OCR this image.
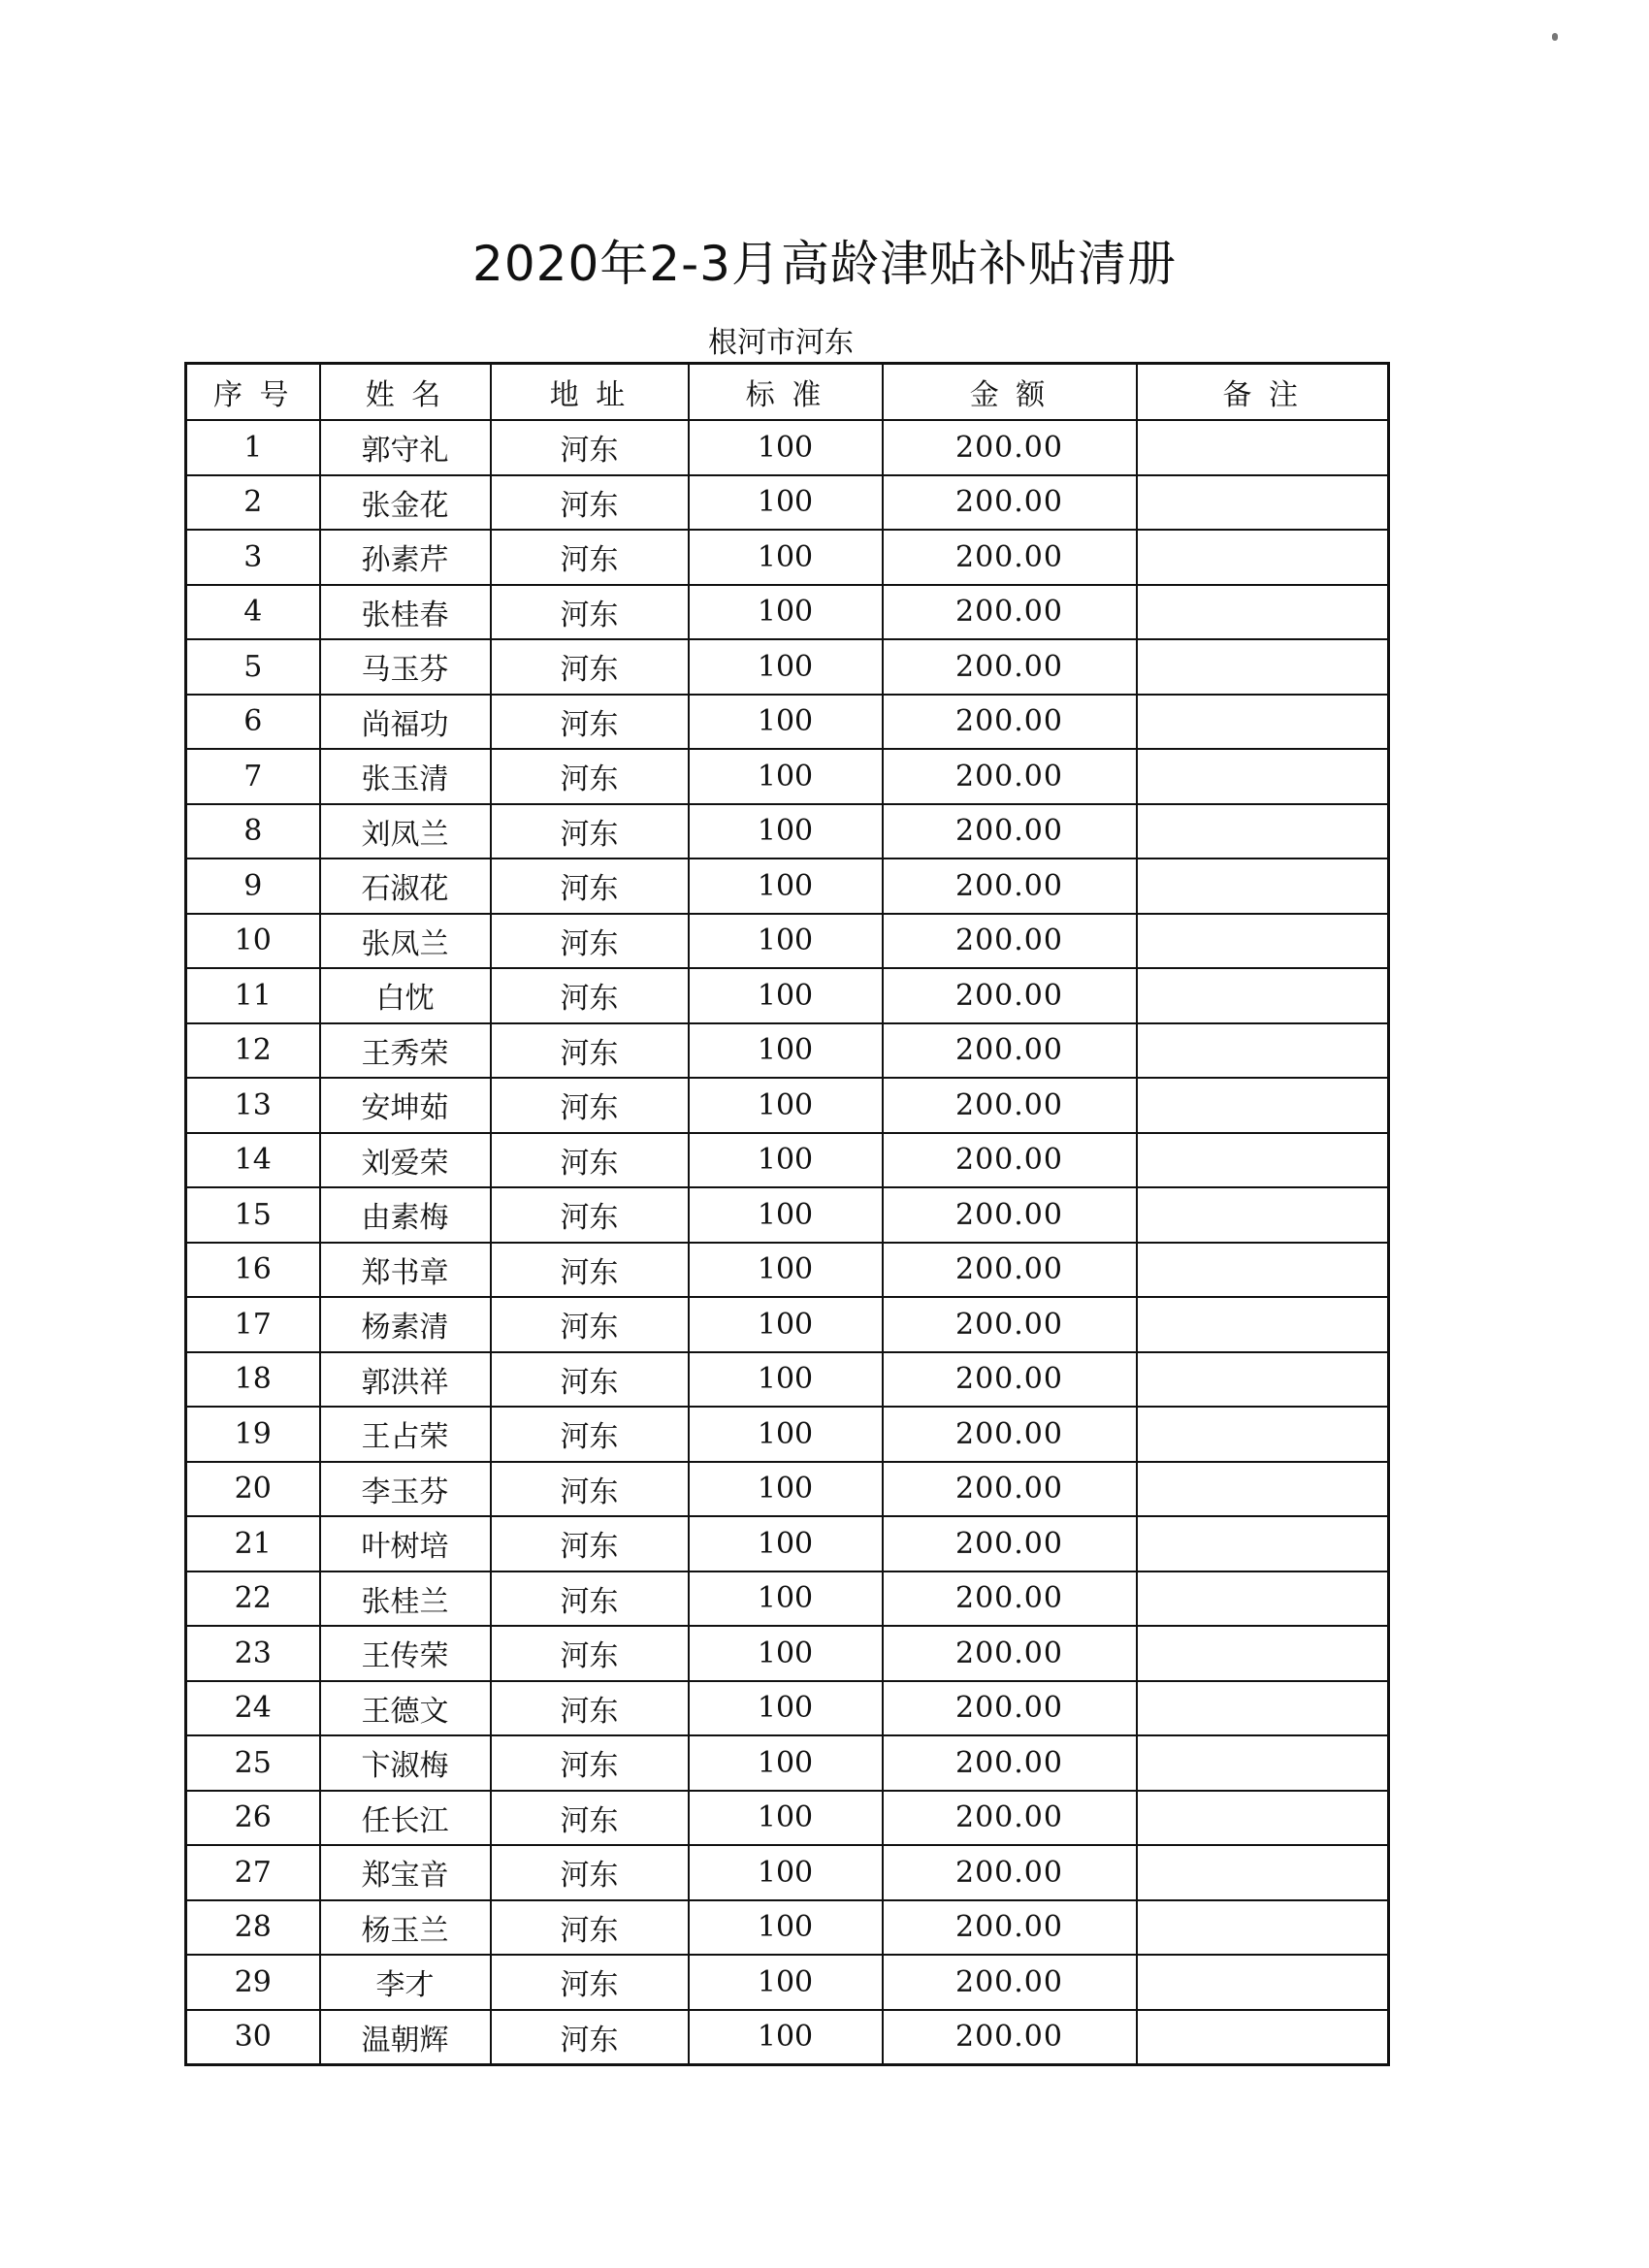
2020年2-3月高龄津贴补贴清册
根河市河东
序 号	姓 名	地 址	标 准	金 额	备 注
1	郭守礼	河东	100	200.00	
2	张金花	河东	100	200.00	
3	孙素芹	河东	100	200.00	
4	张桂春	河东	100	200.00	
5	马玉芬	河东	100	200.00	
6	尚福功	河东	100	200.00	
7	张玉清	河东	100	200.00	
8	刘凤兰	河东	100	200.00	
9	石淑花	河东	100	200.00	
10	张凤兰	河东	100	200.00	
11	白忱	河东	100	200.00	
12	王秀荣	河东	100	200.00	
13	安坤茹	河东	100	200.00	
14	刘爱荣	河东	100	200.00	
15	由素梅	河东	100	200.00	
16	郑书章	河东	100	200.00	
17	杨素清	河东	100	200.00	
18	郭洪祥	河东	100	200.00	
19	王占荣	河东	100	200.00	
20	李玉芬	河东	100	200.00	
21	叶树培	河东	100	200.00	
22	张桂兰	河东	100	200.00	
23	王传荣	河东	100	200.00	
24	王德文	河东	100	200.00	
25	卞淑梅	河东	100	200.00	
26	任长江	河东	100	200.00	
27	郑宝音	河东	100	200.00	
28	杨玉兰	河东	100	200.00	
29	李才	河东	100	200.00	
30	温朝辉	河东	100	200.00	
